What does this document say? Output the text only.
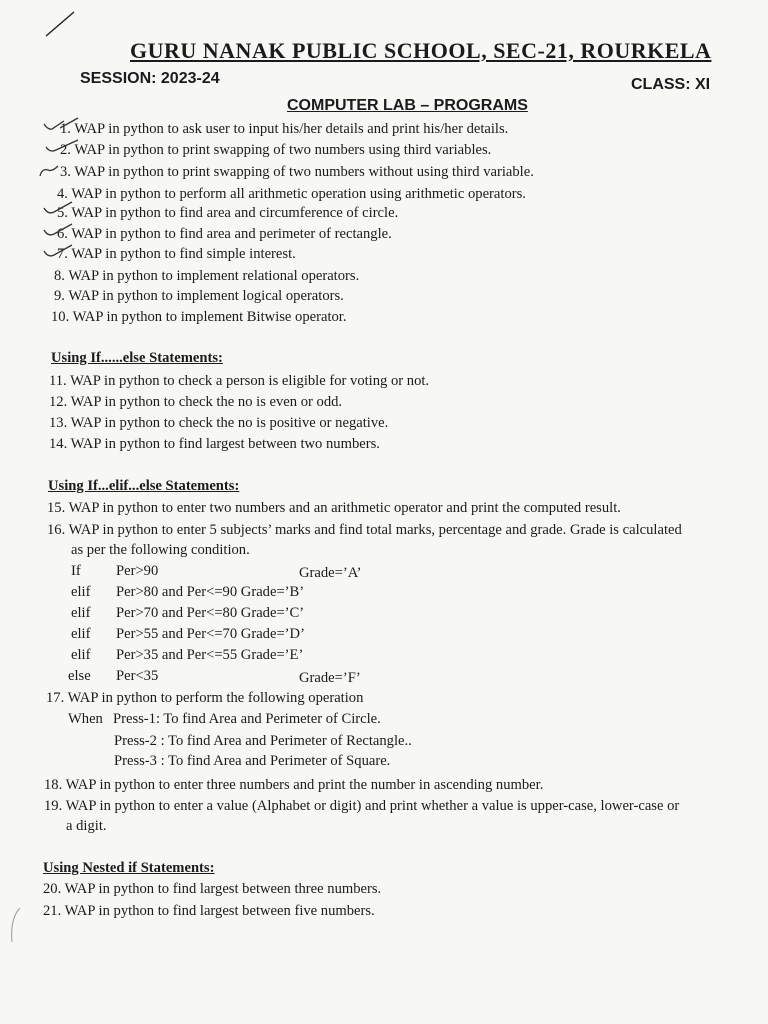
GURU NANAK PUBLIC SCHOOL, SEC-21, ROURKELA
SESSION: 2023-24	CLASS: XI
COMPUTER LAB – PROGRAMS
1. WAP in python to ask user to input his/her details and print his/her details.
2. WAP in python to print swapping of two numbers using third variables.
3. WAP in python to print swapping of two numbers without using third variable.
4. WAP in python to perform all arithmetic operation using arithmetic operators.
5. WAP in python to find area and circumference of circle.
6. WAP in python to find area and perimeter of rectangle.
7. WAP in python to find simple interest.
8. WAP in python to implement relational operators.
9. WAP in python to implement logical operators.
10. WAP in python to implement Bitwise operator.
Using If......else Statements:
11. WAP in python to check a person is eligible for voting or not.
12. WAP in python to check the no is even or odd.
13. WAP in python to check the no is positive or negative.
14. WAP in python to find largest between two numbers.
Using If...elif...else Statements:
15. WAP in python to enter two numbers and an arithmetic operator and print the computed result.
16. WAP in python to enter 5 subjects’ marks and find total marks, percentage and grade. Grade is calculated
as per the following condition.
If Per>90	Grade=’A’
elif Per>80 and Per<=90 Grade=’B’
elif Per>70 and Per<=80 Grade=’C’
elif Per>55 and Per<=70 Grade=’D’
elif Per>35 and Per<=55 Grade=’E’
else Per<35	Grade=’F’
17. WAP in python to perform the following operation
When Press-1: To find Area and Perimeter of Circle.
Press-2 : To find Area and Perimeter of Rectangle..
Press-3 : To find Area and Perimeter of Square.
18. WAP in python to enter three numbers and print the number in ascending number.
19. WAP in python to enter a value (Alphabet or digit) and print whether a value is upper-case, lower-case or
a digit.
Using Nested if Statements:
20. WAP in python to find largest between three numbers.
21. WAP in python to find largest between five numbers.
